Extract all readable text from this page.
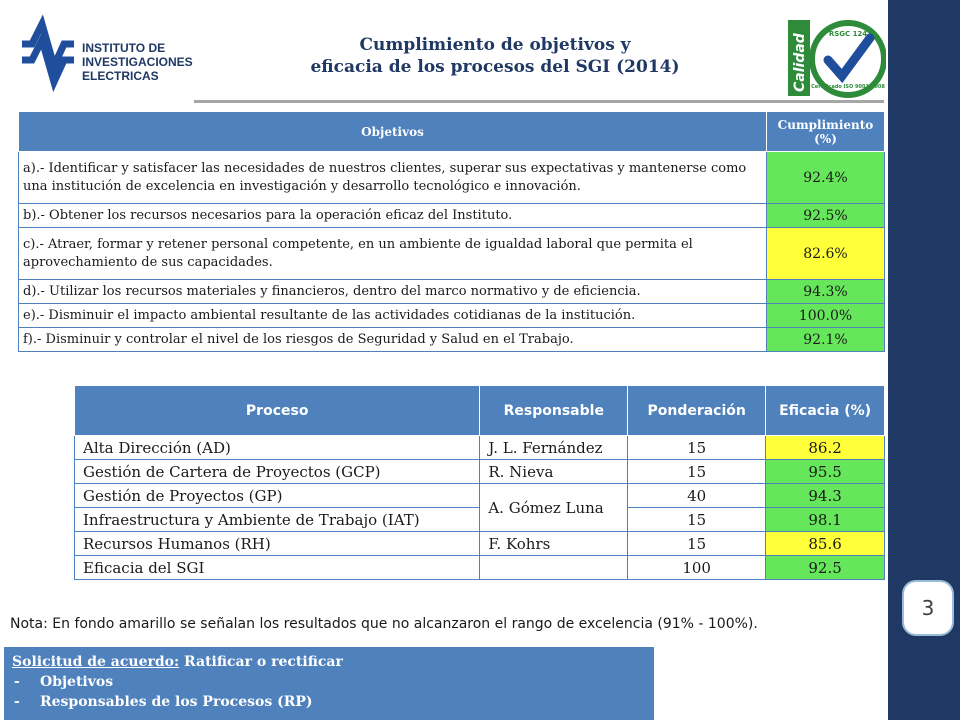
INSTITUTO DE
INVESTIGACIONES
ELECTRICAS
Cumplimiento de objetivos y
eficacia de los procesos del SGI (2014)	Calidad	RSGC 124
Certificado ISO 9001:2008
Objetivos	Cumplimiento (%)
a).- Identificar y satisfacer las necesidades de nuestros clientes, superar sus expectativas y mantenerse como una institución de excelencia en investigación y desarrollo tecnológico e innovación.	92.4%
b).- Obtener los recursos necesarios para la operación eficaz del Instituto.	92.5%
c).- Atraer, formar y retener personal competente, en un ambiente de igualdad laboral que permita el aprovechamiento de sus capacidades.	82.6%
d).- Utilizar los recursos materiales y financieros, dentro del marco normativo y de eficiencia.	94.3%
e).- Disminuir el impacto ambiental resultante de las actividades cotidianas de la institución.	100.0%
f).- Disminuir y controlar el nivel de los riesgos de Seguridad y Salud en el Trabajo.	92.1%
Proceso	Responsable	Ponderación	Eficacia (%)
Alta Dirección (AD)	J. L. Fernández	15	86.2
Gestión de Cartera de Proyectos (GCP)	R. Nieva	15	95.5
Gestión de Proyectos (GP)	A. Gómez Luna	40	94.3
Infraestructura y Ambiente de Trabajo (IAT)		15	98.1
Recursos Humanos (RH)	F. Kohrs	15	85.6
Eficacia del SGI		100	92.5
Nota: En fondo amarillo se señalan los resultados que no alcanzaron el rango de excelencia (91% - 100%).
Solicitud de acuerdo: Ratificar o rectificar
- Objetivos
- Responsables de los Procesos (RP)
3
